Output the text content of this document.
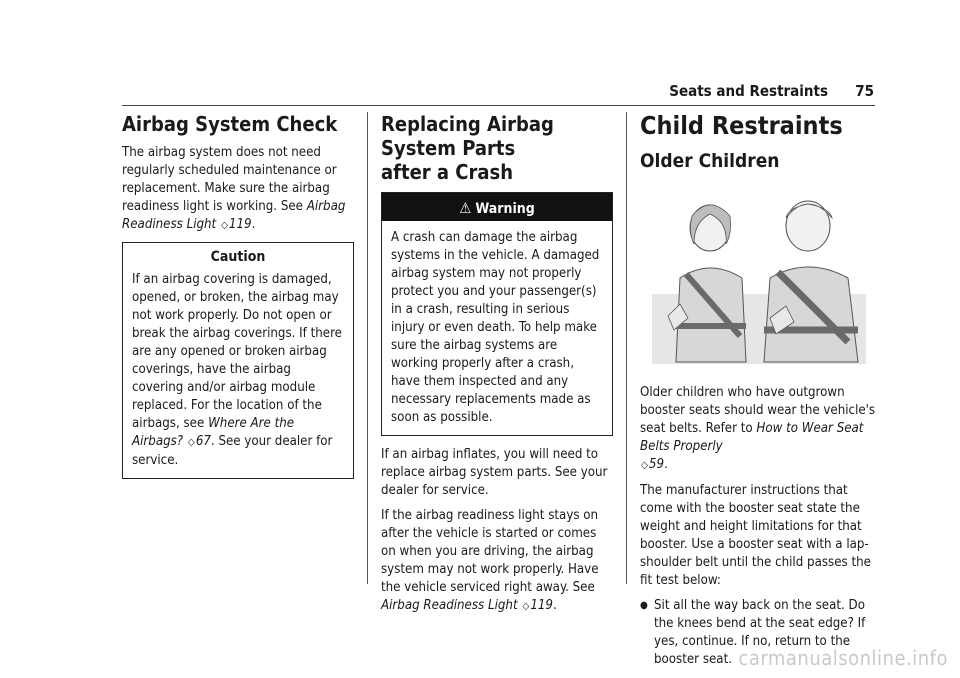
Seats and Restraints 75
Airbag System Check

The airbag system does not need regularly scheduled maintenance or replacement. Make sure the airbag readiness light is working. See Airbag Readiness Light ◇119.

Caution

If an airbag covering is damaged, opened, or broken, the airbag may not work properly. Do not open or break the airbag coverings. If there are any opened or broken airbag coverings, have the airbag covering and/or airbag module replaced. For the location of the airbags, see Where Are the Airbags? ◇67. See your dealer for service.

Replacing Airbag System Parts
after a Crash
⚠ Warning

A crash can damage the airbag systems in the vehicle. A damaged airbag system may not properly protect you and your passenger(s) in a crash, resulting in serious injury or even death. To help make sure the airbag systems are working properly after a crash, have them inspected and any necessary replacements made as soon as possible.

If an airbag inflates, you will need to replace airbag system parts. See your dealer for service.

If the airbag readiness light stays on after the vehicle is started or comes on when you are driving, the airbag system may not work properly. Have the vehicle serviced right away. See Airbag Readiness Light ◇119.

Child Restraints
Older Children

Older children who have outgrown booster seats should wear the vehicle's seat belts. Refer to How to Wear Seat Belts Properly
◇59.

The manufacturer instructions that come with the booster seat state the weight and height limitations for that booster. Use a booster seat with a lap-shoulder belt until the child passes the fit test below:

● Sit all the way back on the seat. Do the knees bend at the seat edge? If yes, continue. If no, return to the booster seat. carmanualsonline.info
